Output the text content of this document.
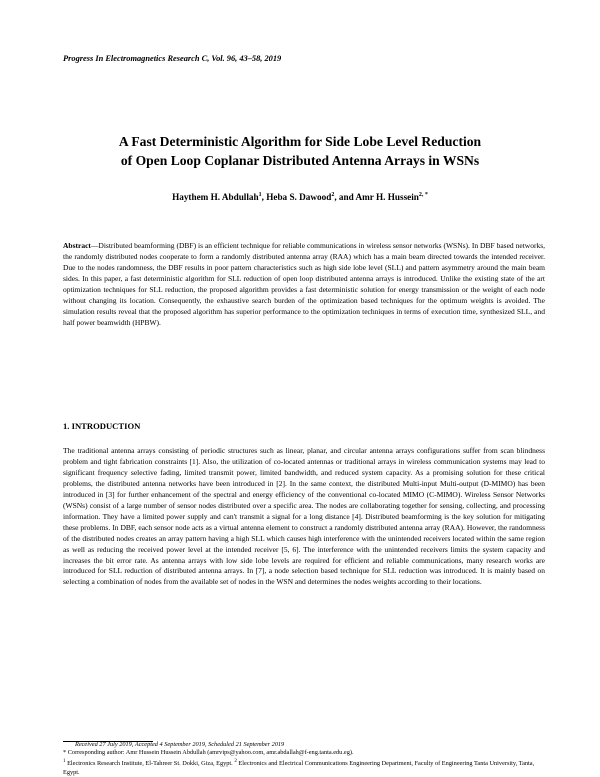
Progress In Electromagnetics Research C, Vol. 96, 43–58, 2019
A Fast Deterministic Algorithm for Side Lobe Level Reduction
of Open Loop Coplanar Distributed Antenna Arrays in WSNs
Haythem H. Abdullah$^1$, Heba S. Dawood$^2$, and Amr H. Hussein$^{2, *}$
Abstract—Distributed beamforming (DBF) is an efficient technique for reliable communications in wireless sensor networks (WSNs). In DBF based networks, the randomly distributed nodes cooperate to form a randomly distributed antenna array (RAA) which has a main beam directed towards the intended receiver. Due to the nodes randomness, the DBF results in poor pattern characteristics such as high side lobe level (SLL) and pattern asymmetry around the main beam sides. In this paper, a fast deterministic algorithm for SLL reduction of open loop distributed antenna arrays is introduced. Unlike the existing state of the art optimization techniques for SLL reduction, the proposed algorithm provides a fast deterministic solution for energy transmission or the weight of each node without changing its location. Consequently, the exhaustive search burden of the optimization based techniques for the optimum weights is avoided. The simulation results reveal that the proposed algorithm has superior performance to the optimization techniques in terms of execution time, synthesized SLL, and half power beamwidth (HPBW).
1. INTRODUCTION
The traditional antenna arrays consisting of periodic structures such as linear, planar, and circular antenna arrays configurations suffer from scan blindness problem and tight fabrication constraints [1]. Also, the utilization of co-located antennas or traditional arrays in wireless communication systems may lead to significant frequency selective fading, limited transmit power, limited bandwidth, and reduced system capacity. As a promising solution for these critical problems, the distributed antenna networks have been introduced in [2]. In the same context, the distributed Multi-input Multi-output (D-MIMO) has been introduced in [3] for further enhancement of the spectral and energy efficiency of the conventional co-located MIMO (C-MIMO). Wireless Sensor Networks (WSNs) consist of a large number of sensor nodes distributed over a specific area. The nodes are collaborating together for sensing, collecting, and processing information. They have a limited power supply and can't transmit a signal for a long distance [4]. Distributed beamforming is the key solution for mitigating these problems. In DBF, each sensor node acts as a virtual antenna element to construct a randomly distributed antenna array (RAA). However, the randomness of the distributed nodes creates an array pattern having a high SLL which causes high interference with the unintended receivers located within the same region as well as reducing the received power level at the intended receiver [5, 6]. The interference with the unintended receivers limits the system capacity and increases the bit error rate. As antenna arrays with low side lobe levels are required for efficient and reliable communications, many research works are introduced for SLL reduction of distributed antenna arrays. In [7], a node selection based technique for SLL reduction was introduced. It is mainly based on selecting a combination of nodes from the available set of nodes in the WSN and determines the nodes weights according to their locations.
Received 27 July 2019, Accepted 4 September 2019, Scheduled 21 September 2019
* Corresponding author: Amr Hussein Hussein Abdullah (amrvips@yahoo.com, amr.abdallah@f-eng.tanta.edu.eg).
$^1$ Electronics Research Institute, El-Tahreer St. Dokki, Giza, Egypt. $^2$ Electronics and Electrical Communications Engineering Department, Faculty of Engineering Tanta University, Tanta, Egypt.
